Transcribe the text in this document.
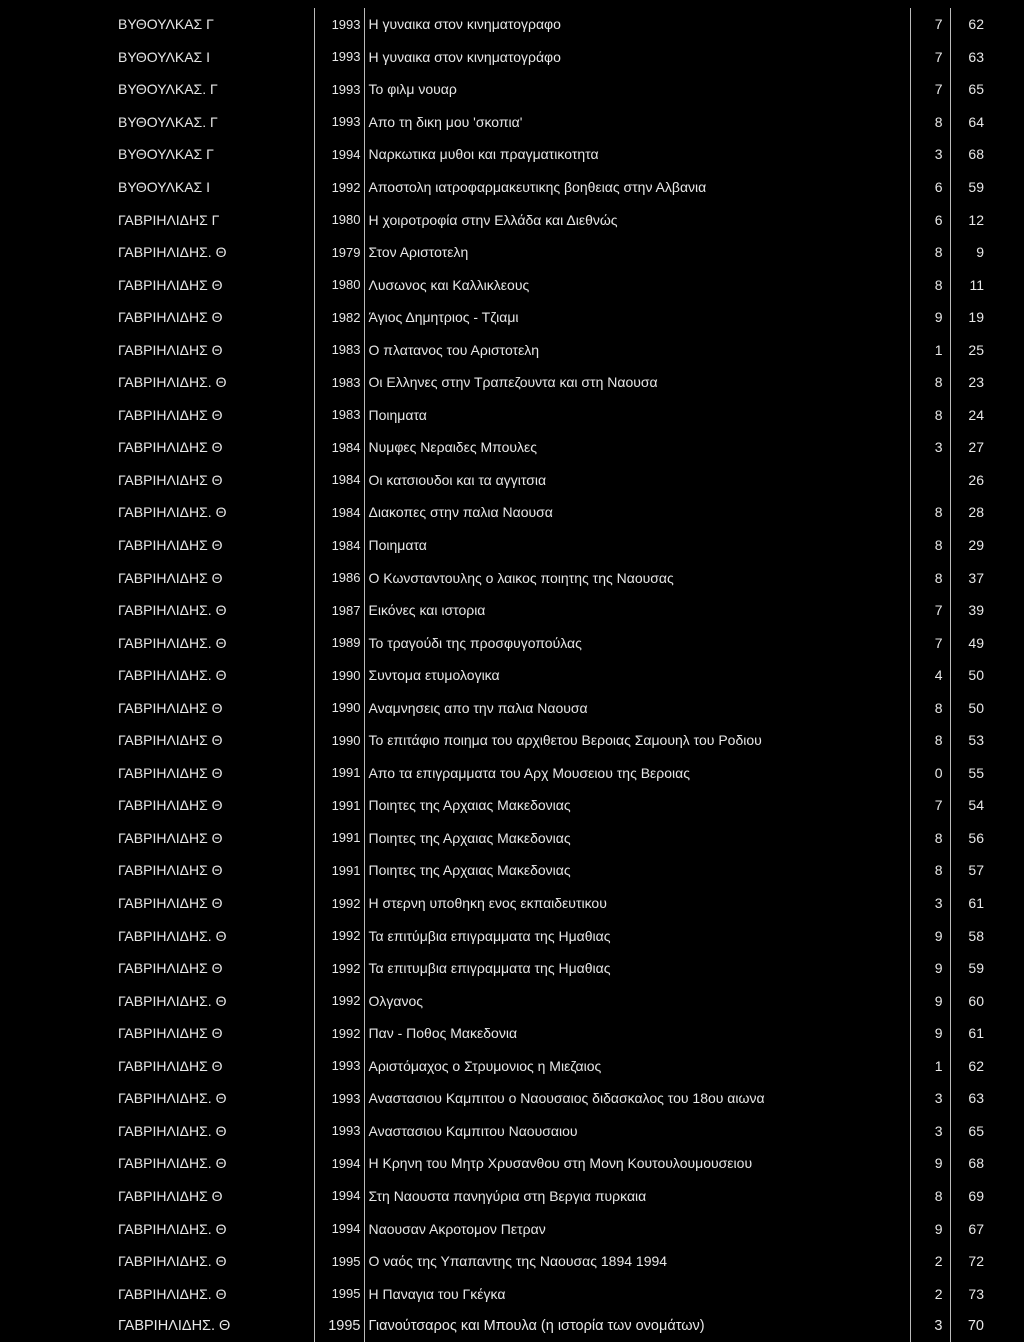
ΒΥΘΟΥΛΚΑΣ Γ	1993	Η γυναικα στον κινηματογραφο	7	62
ΒΥΘΟΥΛΚΑΣ Ι	1993	Η γυναικα στον κινηματογράφο	7	63
ΒΥΘΟΥΛΚΑΣ. Γ	1993	Το φιλμ νουαρ	7	65
ΒΥΘΟΥΛΚΑΣ. Γ	1993	Απο τη δικη μου 'σκοπια'	8	64
ΒΥΘΟΥΛΚΑΣ Γ	1994	Ναρκωτικα μυθοι και πραγματικοτητα	3	68
ΒΥΘΟΥΛΚΑΣ Ι	1992	Αποστολη ιατροφαρμακευτικης βοηθειας στην Αλβανια	6	59
ΓΑΒΡΙΗΛΙΔΗΣ Γ	1980	Η χοιροτροφία στην Ελλάδα και Διεθνώς	6	12
ΓΑΒΡΙΗΛΙΔΗΣ. Θ	1979	Στον Αριστοτελη	8	9
ΓΑΒΡΙΗΛΙΔΗΣ Θ	1980	Λυσωνος και Καλλικλεους	8	11
ΓΑΒΡΙΗΛΙΔΗΣ Θ	1982	Άγιος Δημητριος - Τζιαμι	9	19
ΓΑΒΡΙΗΛΙΔΗΣ Θ	1983	Ο πλατανος του Αριστοτελη	1	25
ΓΑΒΡΙΗΛΙΔΗΣ. Θ	1983	Οι Ελληνες στην Τραπεζουντα και στη Ναουσα	8	23
ΓΑΒΡΙΗΛΙΔΗΣ Θ	1983	Ποιηματα	8	24
ΓΑΒΡΙΗΛΙΔΗΣ Θ	1984	Νυμφες Νεραιδες Μπουλες	3	27
ΓΑΒΡΙΗΛΙΔΗΣ Θ	1984	Οι κατσιουδοι και τα αγγιτσια		26
ΓΑΒΡΙΗΛΙΔΗΣ. Θ	1984	Διακοπες στην παλια Ναουσα	8	28
ΓΑΒΡΙΗΛΙΔΗΣ Θ	1984	Ποιηματα	8	29
ΓΑΒΡΙΗΛΙΔΗΣ Θ	1986	Ο Κωνσταντουλης ο λαικος ποιητης της Ναουσας	8	37
ΓΑΒΡΙΗΛΙΔΗΣ. Θ	1987	Εικόνες και ιστορια	7	39
ΓΑΒΡΙΗΛΙΔΗΣ. Θ	1989	Το τραγούδι της προσφυγοπούλας	7	49
ΓΑΒΡΙΗΛΙΔΗΣ. Θ	1990	Συντομα ετυμολογικα	4	50
ΓΑΒΡΙΗΛΙΔΗΣ Θ	1990	Αναμνησεις απο την παλια Ναουσα	8	50
ΓΑΒΡΙΗΛΙΔΗΣ Θ	1990	Το επιτάφιο ποιημα του αρχιθετου Βεροιας Σαμουηλ του Ροδιου	8	53
ΓΑΒΡΙΗΛΙΔΗΣ Θ	1991	Απο τα επιγραμματα του Αρχ Μουσειου της Βεροιας	0	55
ΓΑΒΡΙΗΛΙΔΗΣ Θ	1991	Ποιητες της Αρχαιας Μακεδονιας	7	54
ΓΑΒΡΙΗΛΙΔΗΣ Θ	1991	Ποιητες της Αρχαιας Μακεδονιας	8	56
ΓΑΒΡΙΗΛΙΔΗΣ Θ	1991	Ποιητες της Αρχαιας Μακεδονιας	8	57
ΓΑΒΡΙΗΛΙΔΗΣ Θ	1992	Η στερνη υποθηκη ενος εκπαιδευτικου	3	61
ΓΑΒΡΙΗΛΙΔΗΣ. Θ	1992	Τα επιτύμβια επιγραμματα της Ημαθιας	9	58
ΓΑΒΡΙΗΛΙΔΗΣ Θ	1992	Τα επιτυμβια επιγραμματα της Ημαθιας	9	59
ΓΑΒΡΙΗΛΙΔΗΣ. Θ	1992	Ολγανος	9	60
ΓΑΒΡΙΗΛΙΔΗΣ Θ	1992	Παν - Ποθος Μακεδονια	9	61
ΓΑΒΡΙΗΛΙΔΗΣ Θ	1993	Αριστόμαχος ο Στρυμονιος η Μιεζαιος	1	62
ΓΑΒΡΙΗΛΙΔΗΣ. Θ	1993	Αναστασιου Καμπιτου ο Ναουσαιος διδασκαλος του 18ου αιωνα	3	63
ΓΑΒΡΙΗΛΙΔΗΣ. Θ	1993	Αναστασιου Καμπιτου Ναουσαιου	3	65
ΓΑΒΡΙΗΛΙΔΗΣ. Θ	1994	Η Κρηνη του Μητρ Χρυσανθου στη Μονη Κουτουλουμουσειου	9	68
ΓΑΒΡΙΗΛΙΔΗΣ Θ	1994	Στη Ναουστα πανηγύρια στη Βεργια πυρκαια	8	69
ΓΑΒΡΙΗΛΙΔΗΣ. Θ	1994	Ναουσαν Ακροτομον Πετραν	9	67
ΓΑΒΡΙΗΛΙΔΗΣ. Θ	1995	Ο ναός της Υπαπαντης της Ναουσας 1894 1994	2	72
ΓΑΒΡΙΗΛΙΔΗΣ. Θ	1995	Η Παναγια του Γκέγκα	2	73
ΓΑΒΡΙΗΛΙΔΗΣ. Θ	1995	Γιανούτσαρος και Μπουλα (η ιστορία των ονομάτων)	3	70
